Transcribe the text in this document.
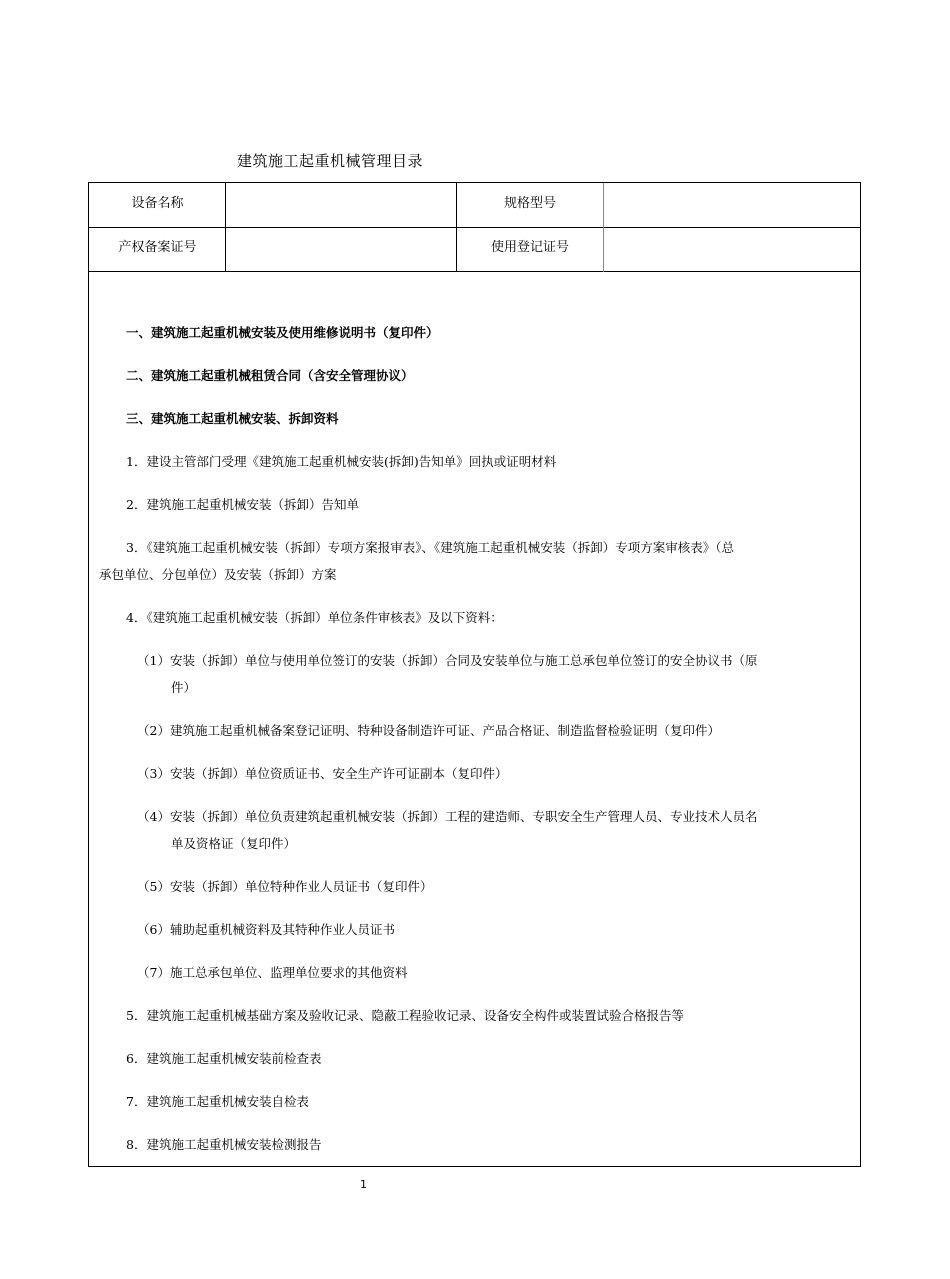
建筑施工起重机械管理目录
设备名称	规格型号
产权备案证号	使用登记证号
一、建筑施工起重机械安装及使用维修说明书（复印件）
二、建筑施工起重机械租赁合同（含安全管理协议）
三、建筑施工起重机械安装、拆卸资料
1．建设主管部门受理《建筑施工起重机械安装(拆卸)告知单》回执或证明材料
2．建筑施工起重机械安装（拆卸）告知单
3．《建筑施工起重机械安装（拆卸）专项方案报审表》、《建筑施工起重机械安装（拆卸）专项方案审核表》（总
承包单位、分包单位）及安装（拆卸）方案
4．《建筑施工起重机械安装（拆卸）单位条件审核表》及以下资料：
（1）安装（拆卸）单位与使用单位签订的安装（拆卸）合同及安装单位与施工总承包单位签订的安全协议书（原
件）
（2）建筑施工起重机械备案登记证明、特种设备制造许可证、产品合格证、制造监督检验证明（复印件）
（3）安装（拆卸）单位资质证书、安全生产许可证副本（复印件）
（4）安装（拆卸）单位负责建筑起重机械安装（拆卸）工程的建造师、专职安全生产管理人员、专业技术人员名
单及资格证（复印件）
（5）安装（拆卸）单位特种作业人员证书（复印件）
（6）辅助起重机械资料及其特种作业人员证书
（7）施工总承包单位、监理单位要求的其他资料
5．建筑施工起重机械基础方案及验收记录、隐蔽工程验收记录、设备安全构件或装置试验合格报告等
6．建筑施工起重机械安装前检查表
7．建筑施工起重机械安装自检表
8．建筑施工起重机械安装检测报告
1
